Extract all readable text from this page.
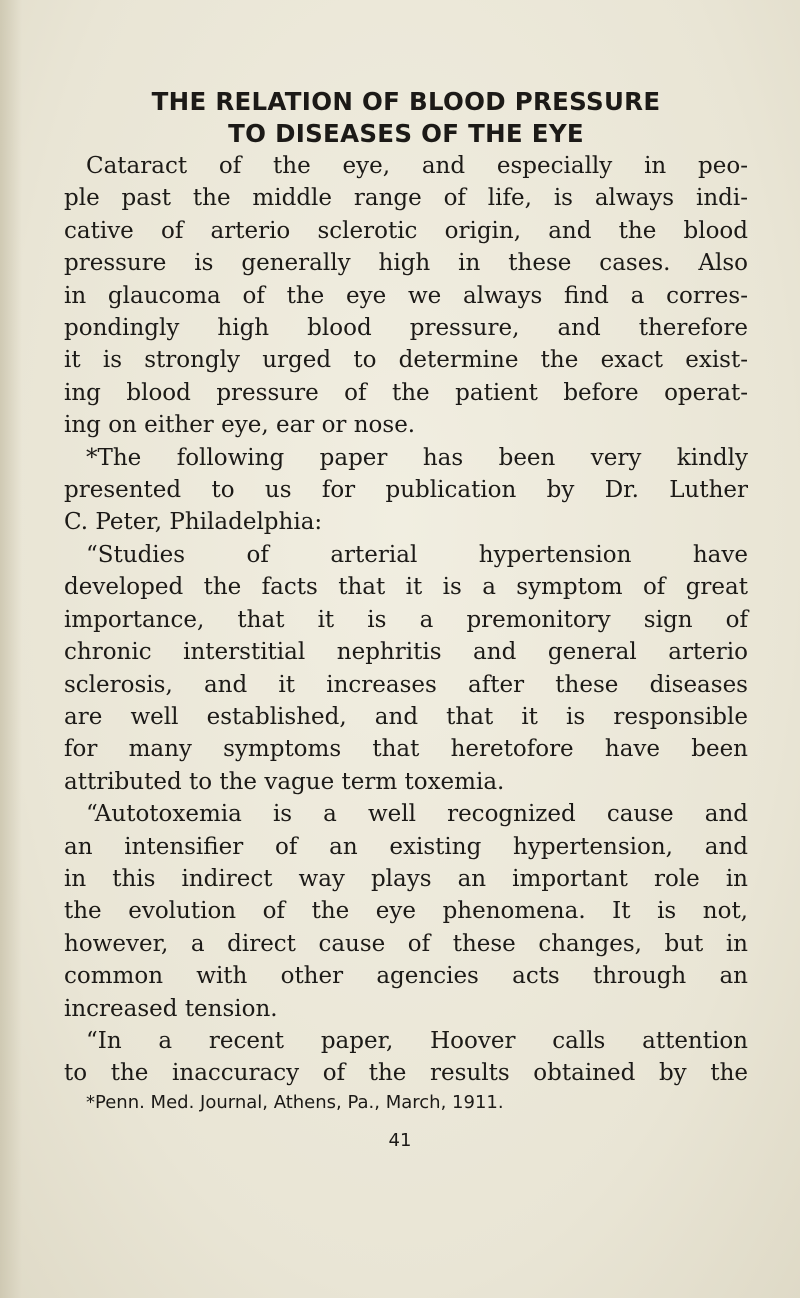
THE RELATION OF BLOOD PRESSURE
TO DISEASES OF THE EYE
Cataract of the eye, and especially in peo-
ple past the middle range of life, is always indi-
cative of arterio sclerotic origin, and the blood
pressure is generally high in these cases. Also
in glaucoma of the eye we always find a corres-
pondingly high blood pressure, and therefore
it is strongly urged to determine the exact exist-
ing blood pressure of the patient before operat-
ing on either eye, ear or nose.
*The following paper has been very kindly
presented to us for publication by Dr. Luther
C. Peter, Philadelphia:
“Studies of arterial hypertension have
developed the facts that it is a symptom of great
importance, that it is a premonitory sign of
chronic interstitial nephritis and general arterio
sclerosis, and it increases after these diseases
are well established, and that it is responsible
for many symptoms that heretofore have been
attributed to the vague term toxemia.
“Autotoxemia is a well recognized cause and
an intensifier of an existing hypertension, and
in this indirect way plays an important role in
the evolution of the eye phenomena. It is not,
however, a direct cause of these changes, but in
common with other agencies acts through an
increased tension.
“In a recent paper, Hoover calls attention
to the inaccuracy of the results obtained by the
*Penn. Med. Journal, Athens, Pa., March, 1911.
41
